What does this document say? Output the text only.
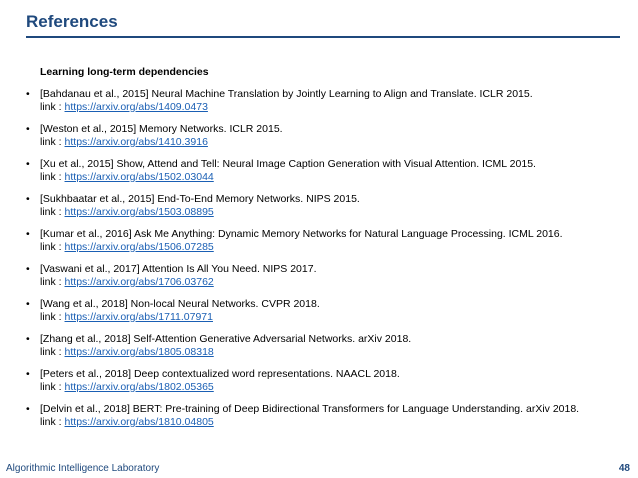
References
Learning long-term dependencies
• [Bahdanau et al., 2015] Neural Machine Translation by Jointly Learning to Align and Translate. ICLR 2015.
link : https://arxiv.org/abs/1409.0473
• [Weston et al., 2015] Memory Networks. ICLR 2015.
link : https://arxiv.org/abs/1410.3916
• [Xu et al., 2015] Show, Attend and Tell: Neural Image Caption Generation with Visual Attention. ICML 2015.
link : https://arxiv.org/abs/1502.03044
• [Sukhbaatar et al., 2015] End-To-End Memory Networks. NIPS 2015.
link : https://arxiv.org/abs/1503.08895
• [Kumar et al., 2016] Ask Me Anything: Dynamic Memory Networks for Natural Language Processing. ICML 2016.
link : https://arxiv.org/abs/1506.07285
• [Vaswani et al., 2017] Attention Is All You Need. NIPS 2017.
link : https://arxiv.org/abs/1706.03762
• [Wang et al., 2018] Non-local Neural Networks. CVPR 2018.
link : https://arxiv.org/abs/1711.07971
• [Zhang et al., 2018] Self-Attention Generative Adversarial Networks. arXiv 2018.
link : https://arxiv.org/abs/1805.08318
• [Peters et al., 2018] Deep contextualized word representations. NAACL 2018.
link : https://arxiv.org/abs/1802.05365
• [Delvin et al., 2018] BERT: Pre-training of Deep Bidirectional Transformers for Language Understanding. arXiv 2018.
link : https://arxiv.org/abs/1810.04805
Algorithmic Intelligence Laboratory	48
